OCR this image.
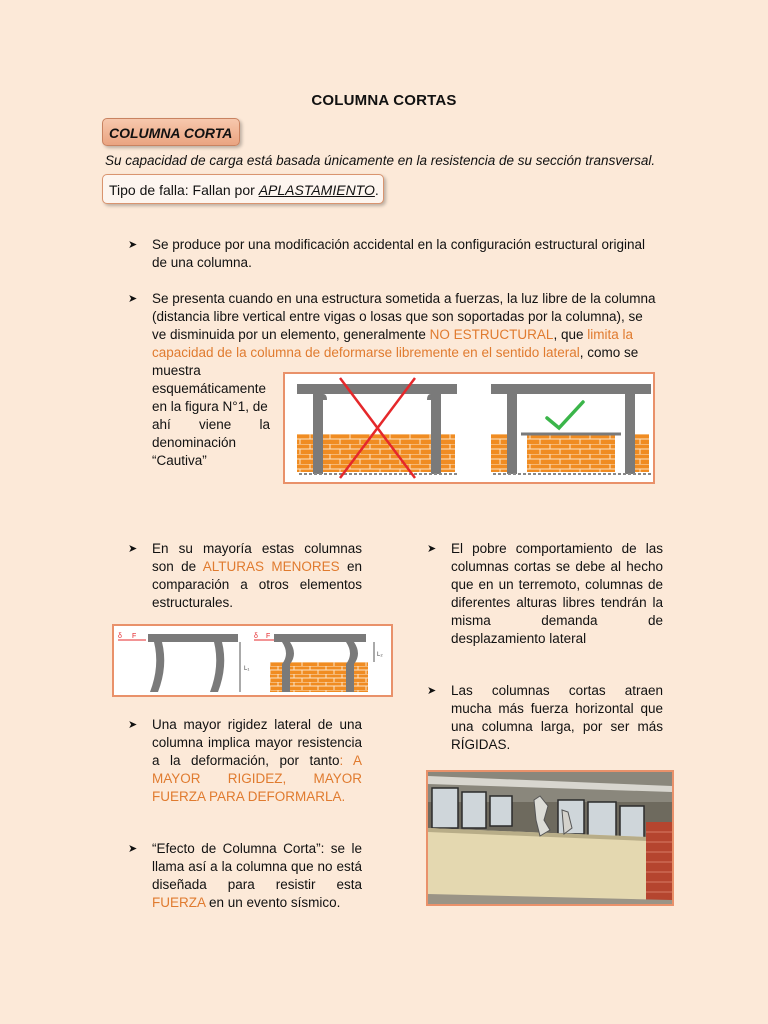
COLUMNA CORTAS
COLUMNA CORTA
Su capacidad de carga está basada únicamente en la resistencia de su sección transversal.
Tipo de falla: Fallan por APLASTAMIENTO.
➤ Se produce por una modificación accidental en la configuración estructural original
de una columna.
➤ Se presenta cuando en una estructura sometida a fuerzas, la luz libre de la columna
(distancia libre vertical entre vigas o losas que son soportadas por la columna), se
ve disminuida por un elemento, generalmente NO ESTRUCTURAL, que limita la
capacidad de la columna de deformarse libremente en el sentido lateral, como se
muestra
esquemáticamente
en la figura N°1, de
ahí viene la
denominación
“Cautiva”
➤ En su mayoría estas columnas
son de ALTURAS MENORES en
comparación a otros elementos
estructurales.
δ F
L₁
δ F
L₂
➤ Una mayor rigidez lateral de una
columna implica mayor resistencia
a la deformación, por tanto: A
MAYOR RIGIDEZ, MAYOR
FUERZA PARA DEFORMARLA.
➤ “Efecto de Columna Corta”: se le
llama así a la columna que no está
diseñada para resistir esta
FUERZA en un evento sísmico.
➤ El pobre comportamiento de las
columnas cortas se debe al hecho
que en un terremoto, columnas de
diferentes alturas libres tendrán la
misma demanda de
desplazamiento lateral
➤ Las columnas cortas atraen
mucha más fuerza horizontal que
una columna larga, por ser más
RÍGIDAS.
